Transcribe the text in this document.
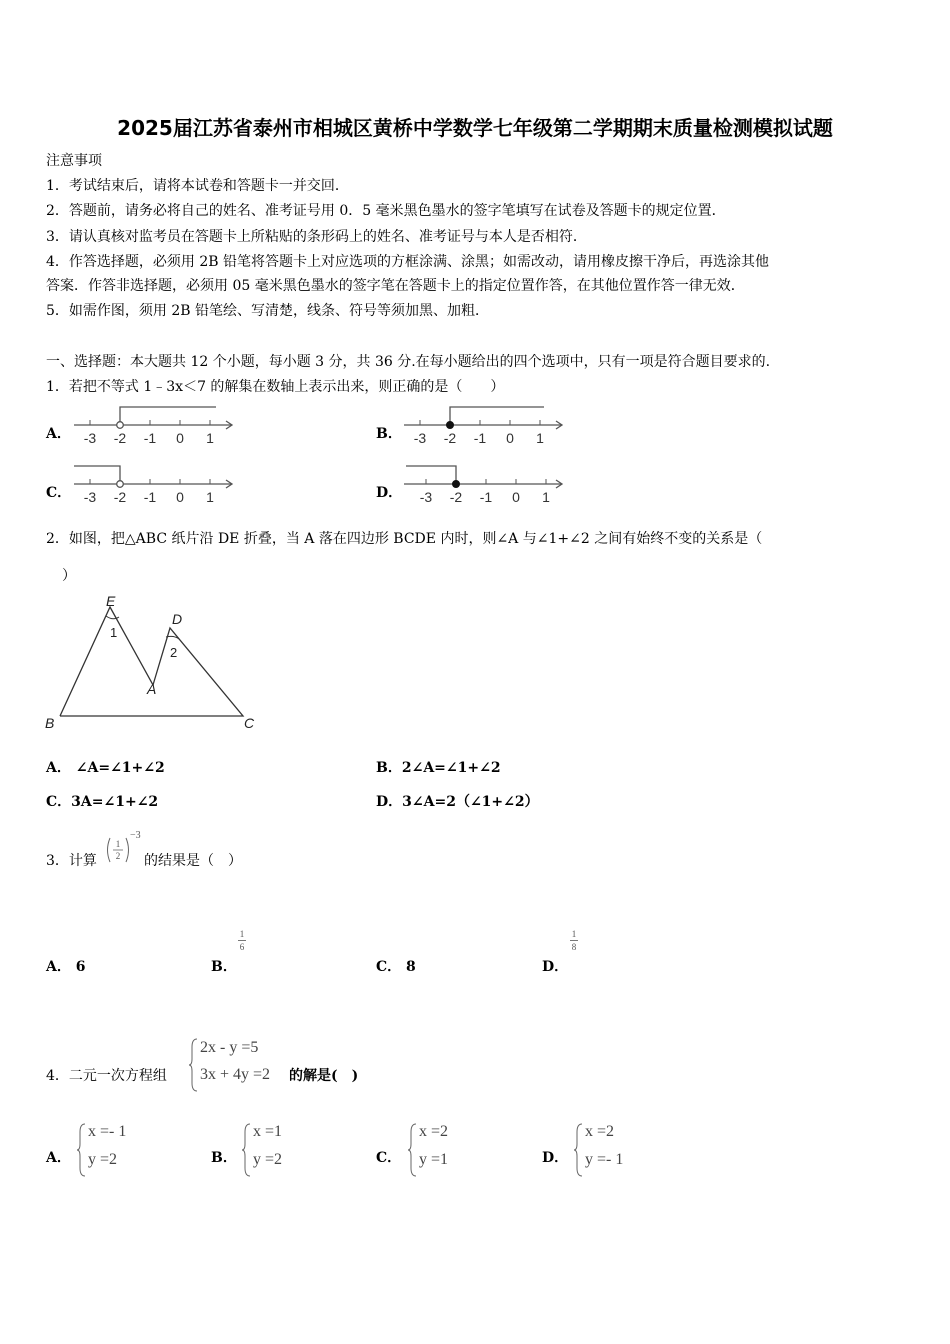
2025届江苏省泰州市相城区黄桥中学数学七年级第二学期期末质量检测模拟试题
注意事项
1．考试结束后，请将本试卷和答题卡一并交回．
2．答题前，请务必将自己的姓名、准考证号用 0．5 毫米黑色墨水的签字笔填写在试卷及答题卡的规定位置．
3．请认真核对监考员在答题卡上所粘贴的条形码上的姓名、准考证号与本人是否相符．
4．作答选择题，必须用 2B 铅笔将答题卡上对应选项的方框涂满、涂黑；如需改动，请用橡皮擦干净后，再选涂其他
答案．作答非选择题，必须用 05 毫米黑色墨水的签字笔在答题卡上的指定位置作答，在其他位置作答一律无效．
5．如需作图，须用 2B 铅笔绘、写清楚，线条、符号等须加黑、加粗．
一、选择题：本大题共 12 个小题，每小题 3 分，共 36 分.在每小题给出的四个选项中，只有一项是符合题目要求的.
1．若把不等式 1﹣3x＜7 的解集在数轴上表示出来，则正确的是（　　）
A． -3 -2 -1 0 1	B． -3 -2 -1 0 1
C． -3 -2 -1 0 1	D． -3 -2 -1 0 1
2．如图，把△ABC 纸片沿 DE 折叠，当 A 落在四边形 BCDE 内时，则∠A 与∠1+∠2 之间有始终不变的关系是（
）
E
D
A
B	C
1
2
A． ∠A=∠1+∠2	B．2∠A=∠1+∠2
C．3A=∠1+∠2	D．3∠A=2（∠1+∠2）
3．计算
1
2
−3
的结果是（　）
A． 6	B．
1
6
C． 8	D．
1
8
4．二元一次方程组
2x - y =5
3x + 4y =2 的解是(　)
A．
x =- 1
y =2	B．
x =1
y =2	C．
x =2
y =1	D．
x =2
y =- 1
